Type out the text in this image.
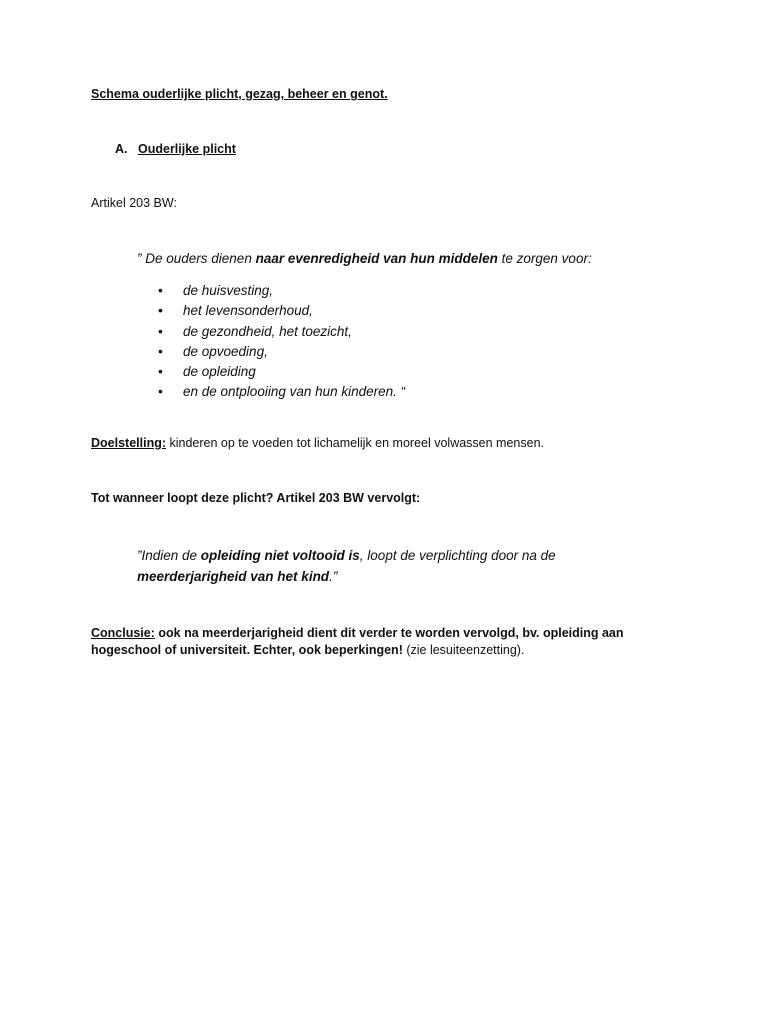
Schema ouderlijke plicht, gezag, beheer en genot.
A. Ouderlijke plicht
Artikel 203 BW:
” De ouders dienen naar evenredigheid van hun middelen te zorgen voor:
• de huisvesting,
• het levensonderhoud,
• de gezondheid, het toezicht,
• de opvoeding,
• de opleiding
• en de ontplooiing van hun kinderen. “
Doelstelling: kinderen op te voeden tot lichamelijk en moreel volwassen mensen.
Tot wanneer loopt deze plicht? Artikel 203 BW vervolgt:
”Indien de opleiding niet voltooid is, loopt de verplichting door na de
meerderjarigheid van het kind.”
Conclusie: ook na meerderjarigheid dient dit verder te worden vervolgd, bv. opleiding aan hogeschool of universiteit. Echter, ook beperkingen! (zie lesuiteenzetting).
